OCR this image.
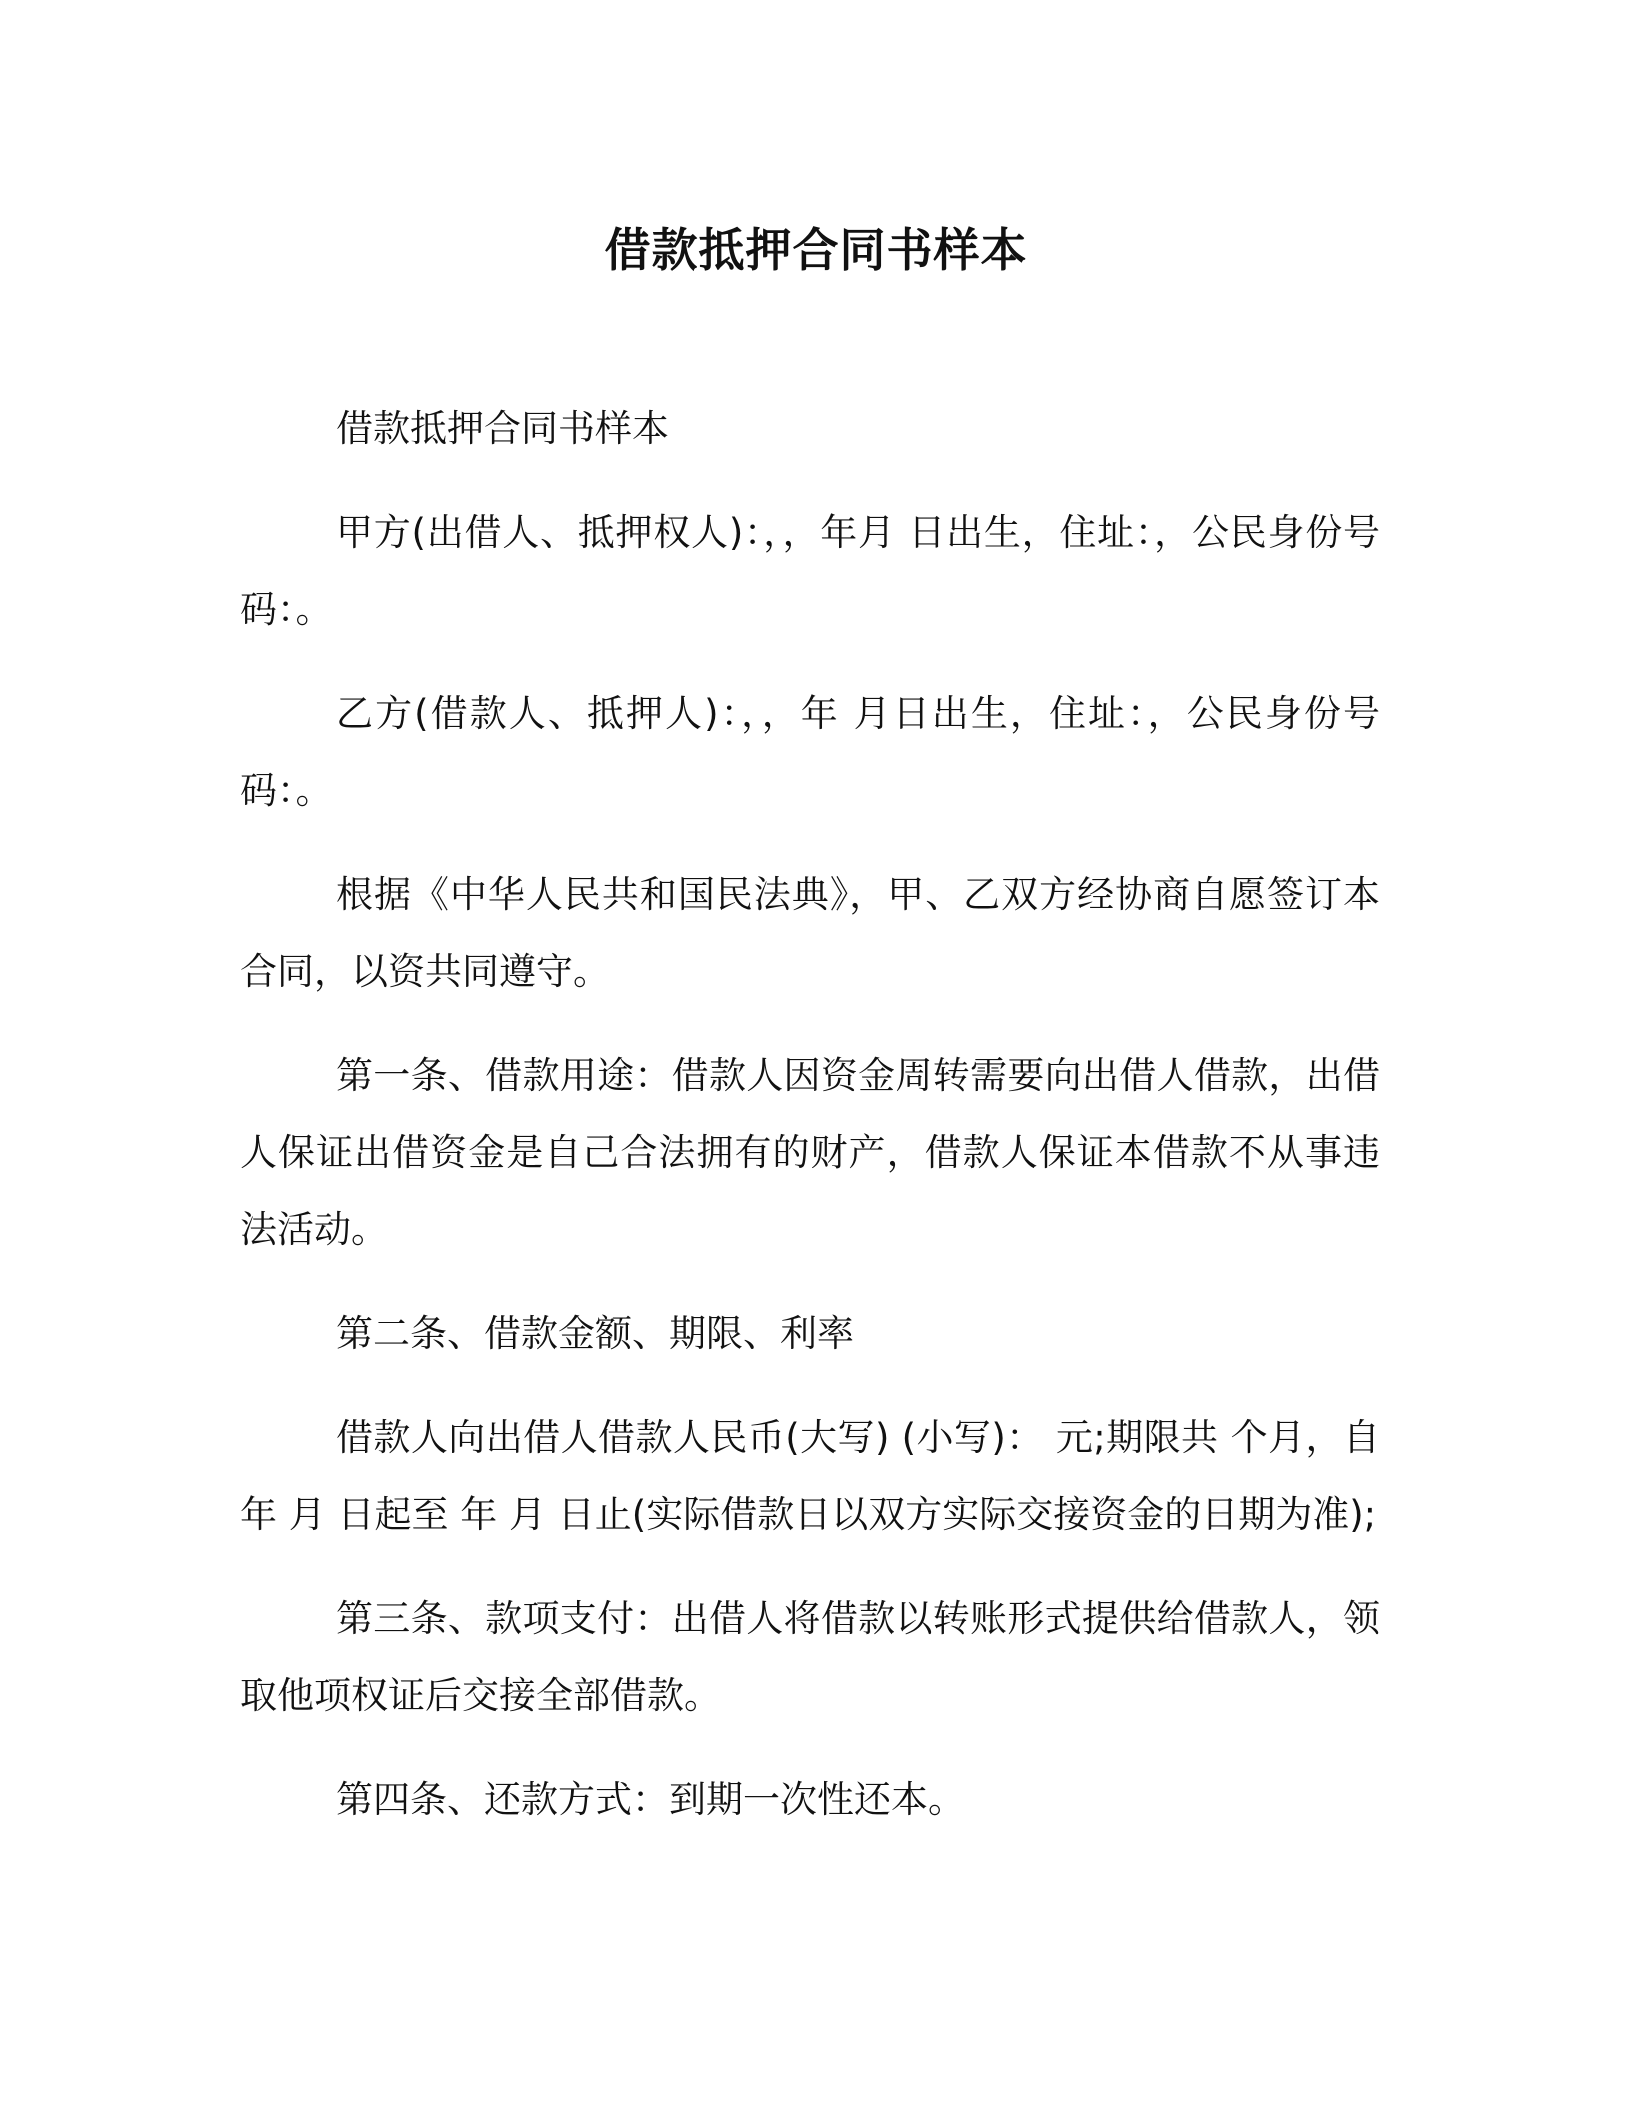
借款抵押合同书样本

借款抵押合同书样本

甲方(出借人、抵押权人)：，，年月 日出生，住址：，公民身份号码：。

乙方(借款人、抵押人)：，，年 月日出生，住址：，公民身份号码：。

根据《中华人民共和国民法典》，甲、乙双方经协商自愿签订本合同，以资共同遵守。

第一条、借款用途：借款人因资金周转需要向出借人借款，出借人保证出借资金是自己合法拥有的财产，借款人保证本借款不从事违法活动。

第二条、借款金额、期限、利率

借款人向出借人借款人民币(大写) (小写)： 元;期限共 个月，自 年 月 日起至 年 月 日止(实际借款日以双方实际交接资金的日期为准);

第三条、款项支付：出借人将借款以转账形式提供给借款人，领取他项权证后交接全部借款。

第四条、还款方式：到期一次性还本。
